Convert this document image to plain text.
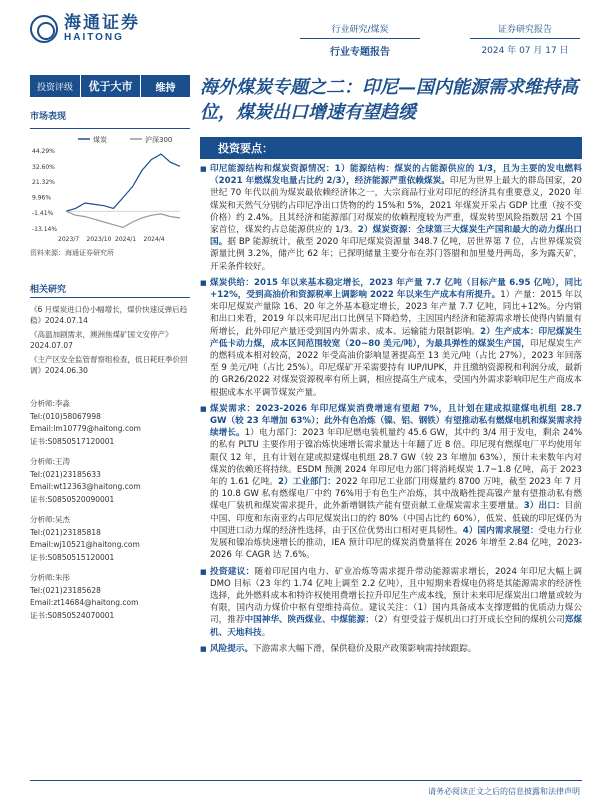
海通证券
HAITONG
行业研究/煤炭
行业专题报告
证券研究报告
2024 年 07 月 17 日
投资评级	优于大市	维持
市场表现
煤炭	沪深300
44.29%
32.60%
21.32%
9.96%
-1.41%
-13.14%
2023/7 2023/10 2024/1 2024/4
资料来源：海通证券研究所
相关研究
《6 月煤炭进口份小幅增长，煤价快速反弹后趋稳》2024.07.14
《高温加剧需求，澳洲焦煤矿国文安停产》2024.07.07
《主产区安全监管督察组检查，低日耗旺季价回调》2024.06.30
分析师:李淼
Tel:(010)58067998
Email:lm10779@haitong.com
证书:S0850517120001
分析师:王涛
Tel:(021)23185633
Email:wt12363@haitong.com
证书:S0850520090001
分析师:吴杰
Tel:(021)23185818
Email:wj10521@haitong.com
证书:S0850515120001
分析师:朱彤
Tel:(021)23185628
Email:zt14684@haitong.com
证书:S0850524070001
海外煤炭专题之二：印尼—国内能源需求维持高位，煤炭出口增速有望趋缓
投资要点：
■ 印尼能源结构和煤炭资源情况：1）能源结构：煤炭的占能源供应的 1/3，且为主要的发电燃料（2021 年燃煤发电量占比约 2/3），经济能源严重依赖煤炭。印尼为世界上最大的群岛国家，20 世纪 70 年代以前为煤炭最依赖经济体之一，大宗商品行业对印尼的经济具有重要意义，2020 年煤炭和天然气分别约占印尼净出口货物的约 15%和 5%，2021 年煤炭开采占 GDP 比重（按不变价格）约 2.4%。且其经济和能源部门对煤炭的依赖程度较为严重，煤炭转型风险指数居 21 个国家首位，煤炭约占总能源供应的 1/3。2）煤炭资源：全球第三大煤炭生产国和最大的动力煤出口国。据 BP 能源统计，截至 2020 年印尼煤炭资源量 348.7 亿吨，居世界第 7 位，占世界煤炭资源量比例 3.2%，储产比 62 年；已探明储量主要分布在苏门答腊和加里曼丹两岛，多为露天矿，开采条件较好。
■ 煤炭供给：2015 年以来基本稳定增长，2023 年产量 7.7 亿吨（目标产量 6.95 亿吨），同比+12%，受到高油价和资源税率上调影响 2022 年以来生产成本有所提升。1）产量：2015 年以来印尼煤炭产量除 16、20 年之外基本稳定增长，2023 年产量 7.7 亿吨，同比+12%。分内销和出口来看，2019 年以来印尼出口比例呈下降趋势，主因国内经济和能源需求增长使得内销量有所增长，此外印尼产量还受到国内外需求、成本、运输能力限制影响。2）生产成本：印尼煤炭生产低卡动力煤，成本区间范围较宽（20~80 美元/吨），为最具弹性的煤炭生产国，印尼煤炭生产的燃料成本相对较高，2022 年受高油价影响显著提高至 13 美元/吨（占比 27%），2023 年回落至 9 美元/吨（占比 25%）。印尼煤矿开采需要持有 IUP/IUPK，并且缴纳资源税和利润分成，最新的 GR26/2022 对煤炭资源税率有所上调，相应提高生产成本，受国内外需求影响印尼生产商成本根据成本水平调节煤炭产量。
■ 煤炭需求：2023-2026 年印尼煤炭消费增速有望超 7%，且计划在建成拟建煤电机组 28.7 GW（较 23 年增加 63%）；此外有色冶炼（镍、铝、钢铁）有望推动私有燃煤电机和煤炭需求持续增长。1）电力部门：2023 年印尼燃电装机量约 45.6 GW，其中约 3/4 用于发电，剩余 24%的私有 PLTU 主要作用于镍冶炼快速增长需求量达十年翻了近 8 倍。印尼现有燃煤电厂平均使用年限仅 12 年，且有计划在建或拟建煤电机组 28.7 GW（较 23 年增加 63%），预计未来数年内对煤炭的依赖还将持续。ESDM 预测 2024 年印尼电力部门将消耗煤炭 1.7~1.8 亿吨，高于 2023 年的 1.61 亿吨。2）工业部门：2022 年印尼工业部门用煤量约 8700 万吨，截至 2023 年 7 月的 10.8 GW 私有燃煤电厂中约 76%用于有色生产冶炼，其中战略性提高镍产量有望推动私有燃煤电厂装机和煤炭需求提升，此外新增钢铁产能有望贡献工业煤炭需求主要增量。3）出口：目前中国、印度和东南亚约占印尼煤炭出口的约 80%（中国占比约 60%），低炭、低硫的印尼煤仍为中国进口动力煤的经济性选择，由于区位优势出口相对更具韧性。4）国内需求展望：受电力行业发展和镍冶炼快速增长的推动，IEA 预计印尼的煤炭消费量将在 2026 年增至 2.84 亿吨，2023-2026 年 CAGR 达 7.6%。
■ 投资建议：随着印尼国内电力、矿业冶炼等需求提升带动能源需求增长，2024 年印尼大幅上调 DMO 目标（23 年约 1.74 亿吨上调至 2.2 亿吨），且中短期来看煤电仍将是其能源需求的经济性选择，此外燃料成本和特许权使用费增长拉升印尼生产成本线，预计未来印尼煤炭出口增量或较为有限，国内动力煤价中枢有望维持高位。建议关注：（1）国内具备成本支撑逻辑的优质动力煤公司，推荐中国神华、陕西煤业、中煤能源；（2）有望受益于煤机出口打开成长空间的煤机公司郑煤机、天地科技。
■ 风险提示。下游需求大幅下滑，保供稳价及限产政策影响需持续跟踪。
请务必阅读正文之后的信息披露和法律声明
